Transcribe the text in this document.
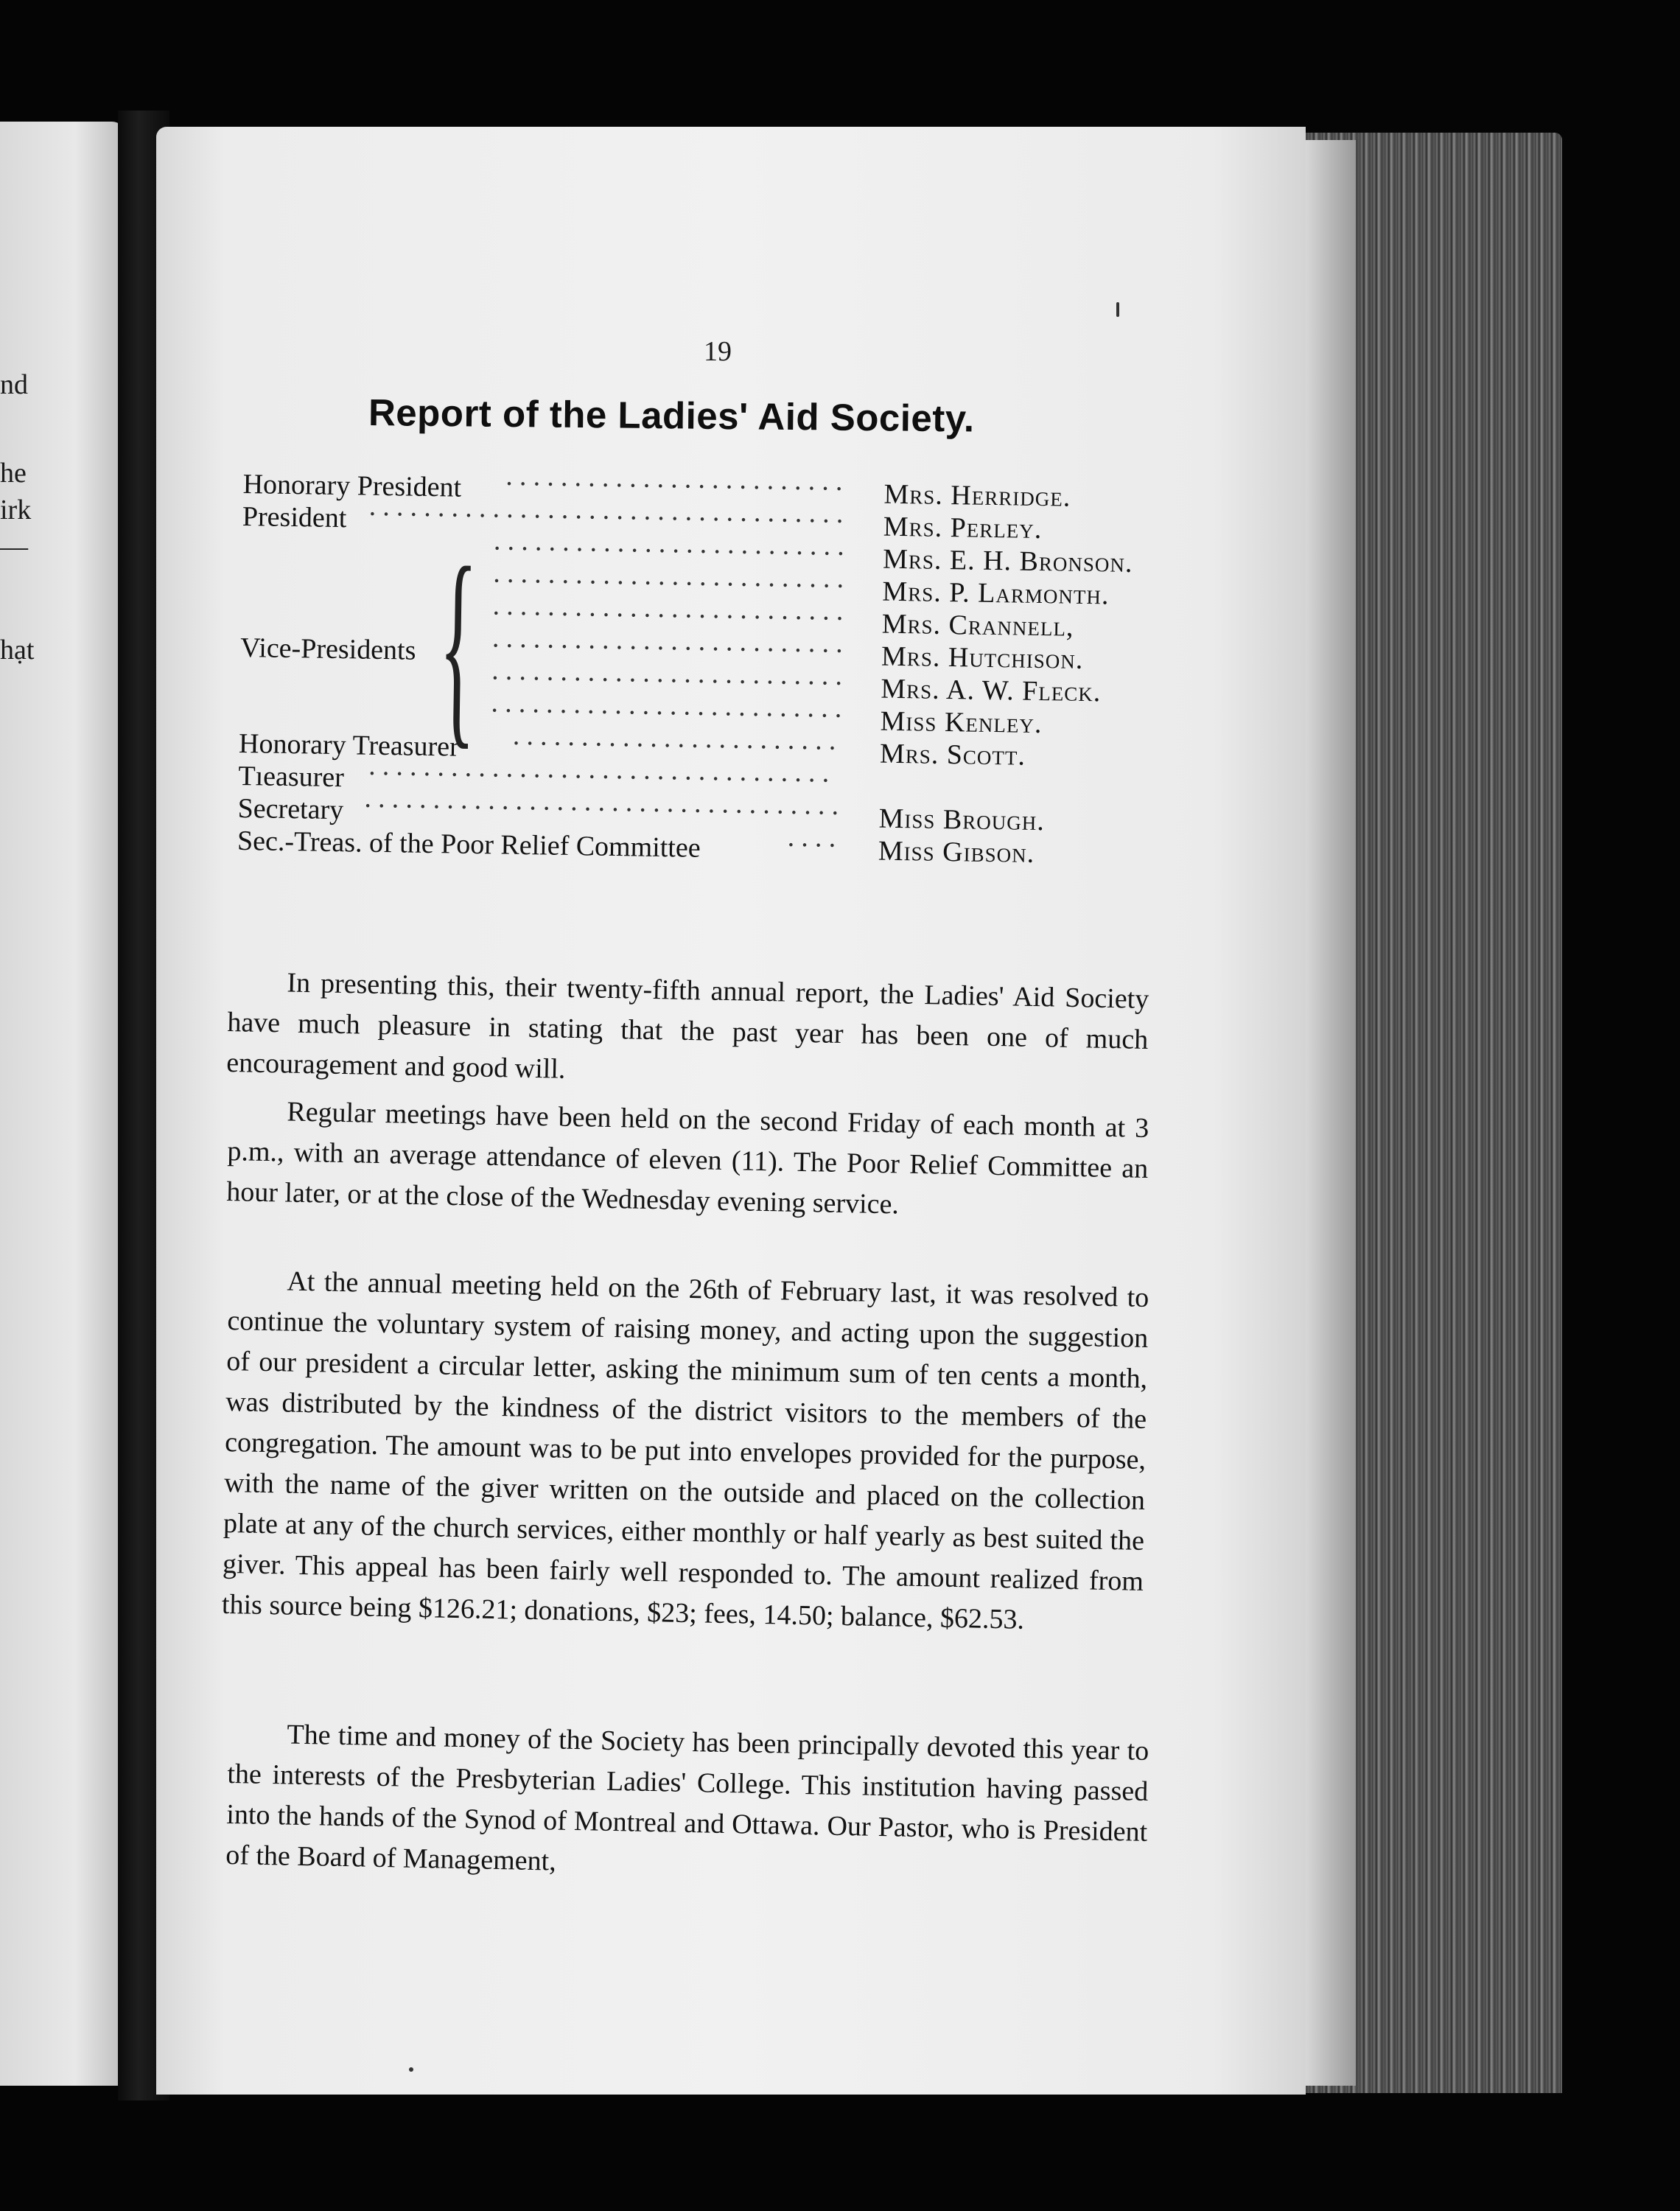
nd
he
irk
—
hạt
19
Report of the Ladies' Aid Society.
Honorary President ························· Mrs. Herridge.
President ··································· Mrs. Perley.
·························· Mrs. E. H. Bronson.
·························· Mrs. P. Larmonth.
·························· Mrs. Crannell,
·························· Mrs. Hutchison.
·························· Mrs. A. W. Fleck.
·························· Miss Kenley.
Honorary Treasurer ························ Mrs. Scott.
Tıeasurer ··································
Secretary ··································· Miss Brough.
Sec.-Treas. of the Poor Relief Committee	···· Miss Gibson.
{
Vice-Presidents
In presenting this, their twenty-fifth annual report, the Ladies' Aid Society have much pleasure in stating that the past year has been one of much encouragement and good will.
Regular meetings have been held on the second Friday of each month at 3 p.m., with an average attendance of eleven (11). The Poor Relief Committee an hour later, or at the close of the Wednesday evening service.
At the annual meeting held on the 26th of February last, it was resolved to continue the voluntary system of raising money, and acting upon the suggestion of our president a circular letter, asking the minimum sum of ten cents a month, was distributed by the kindness of the district visitors to the members of the congregation. The amount was to be put into envelopes provided for the purpose, with the name of the giver written on the outside and placed on the collection plate at any of the church services, either monthly or half yearly as best suited the giver. This appeal has been fairly well responded to. The amount realized from this source being $126.21; donations, $23; fees, 14.50; balance, $62.53.
The time and money of the Society has been principally devoted this year to the interests of the Presbyterian Ladies' College. This institution having passed into the hands of the Synod of Montreal and Ottawa. Our Pastor, who is President of the Board of Management,
